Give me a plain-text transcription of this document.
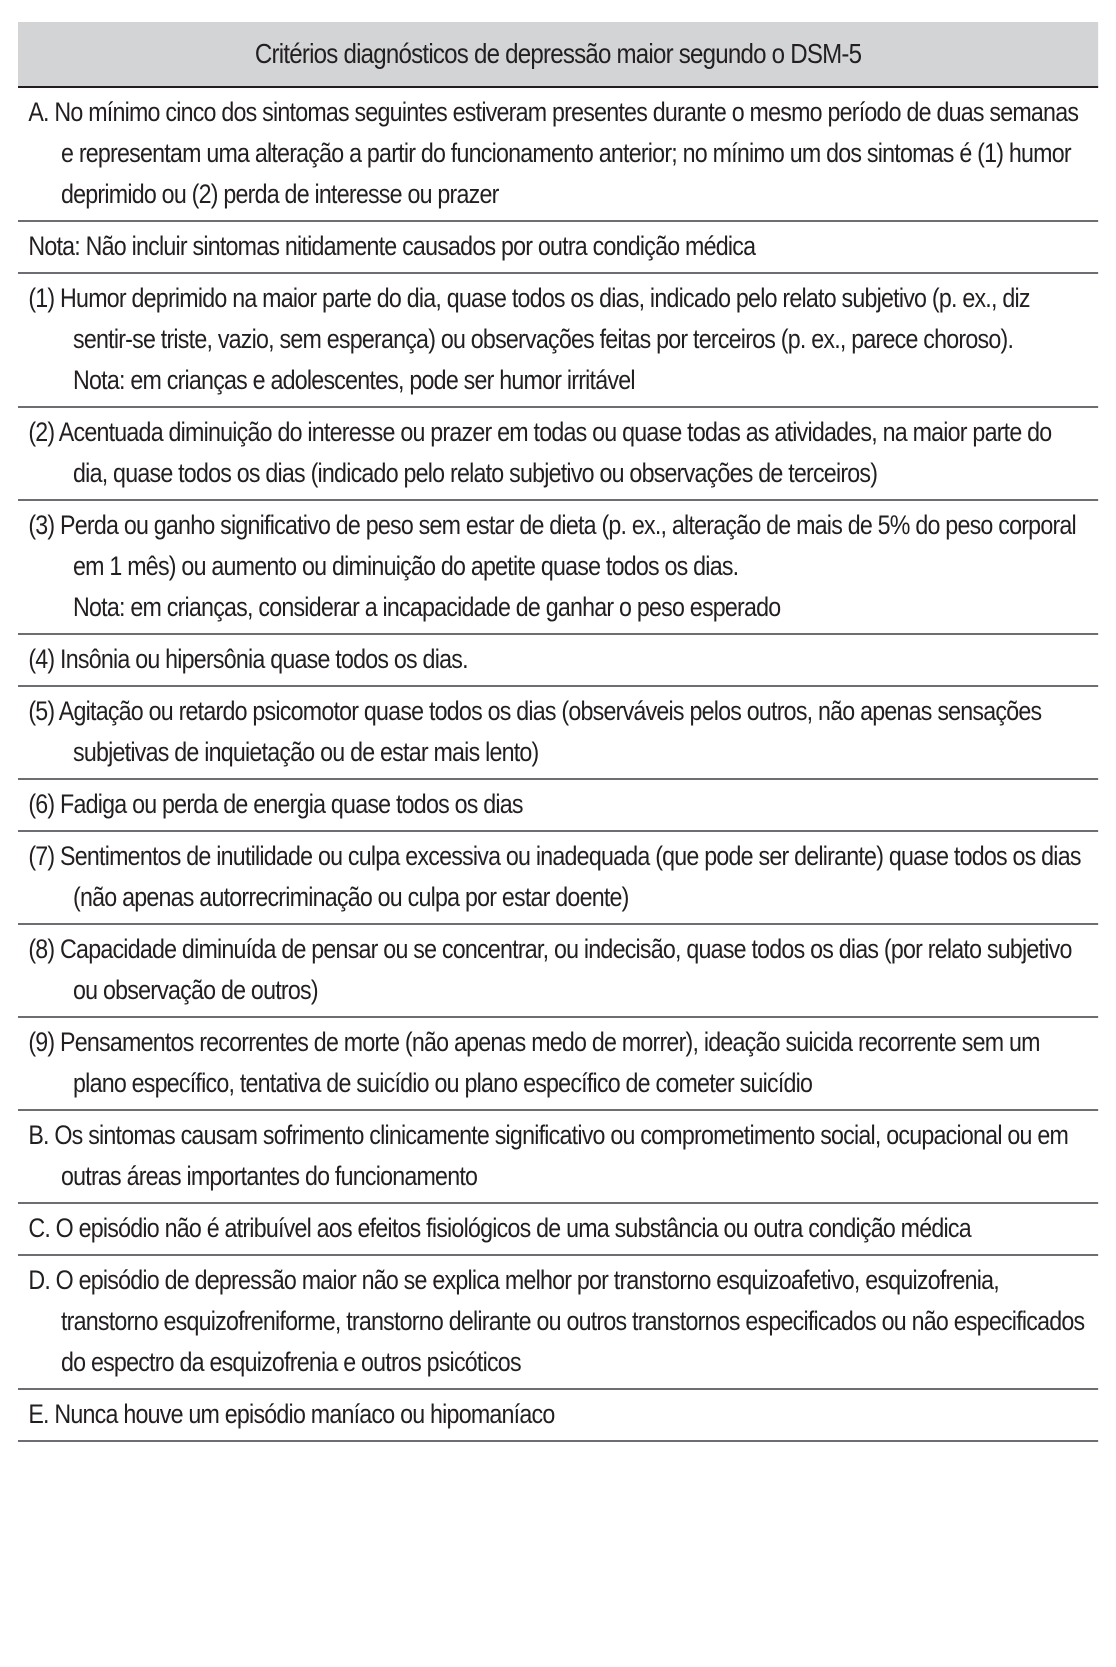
Critérios diagnósticos de depressão maior segundo o DSM-5
A. No mínimo cinco dos sintomas seguintes estiveram presentes durante o mesmo período de duas semanas e representam uma alteração a partir do funcionamento anterior; no mínimo um dos sintomas é (1) humor deprimido ou (2) perda de interesse ou prazer
Nota: Não incluir sintomas nitidamente causados por outra condição médica
(1) Humor deprimido na maior parte do dia, quase todos os dias, indicado pelo relato subjetivo (p. ex., diz sentir-se triste, vazio, sem esperança) ou observações feitas por terceiros (p. ex., parece choroso).
Nota: em crianças e adolescentes, pode ser humor irritável
(2) Acentuada diminuição do interesse ou prazer em todas ou quase todas as atividades, na maior parte do dia, quase todos os dias (indicado pelo relato subjetivo ou observações de terceiros)
(3) Perda ou ganho significativo de peso sem estar de dieta (p. ex., alteração de mais de 5% do peso corporal em 1 mês) ou aumento ou diminuição do apetite quase todos os dias.
Nota: em crianças, considerar a incapacidade de ganhar o peso esperado
(4) Insônia ou hipersônia quase todos os dias.
(5) Agitação ou retardo psicomotor quase todos os dias (observáveis pelos outros, não apenas sensações subjetivas de inquietação ou de estar mais lento)
(6) Fadiga ou perda de energia quase todos os dias
(7) Sentimentos de inutilidade ou culpa excessiva ou inadequada (que pode ser delirante) quase todos os dias (não apenas autorrecriminação ou culpa por estar doente)
(8) Capacidade diminuída de pensar ou se concentrar, ou indecisão, quase todos os dias (por relato subjetivo ou observação de outros)
(9) Pensamentos recorrentes de morte (não apenas medo de morrer), ideação suicida recorrente sem um plano específico, tentativa de suicídio ou plano específico de cometer suicídio
B. Os sintomas causam sofrimento clinicamente significativo ou comprometimento social, ocupacional ou em outras áreas importantes do funcionamento
C. O episódio não é atribuível aos efeitos fisiológicos de uma substância ou outra condição médica
D. O episódio de depressão maior não se explica melhor por transtorno esquizoafetivo, esquizofrenia, transtorno esquizofreniforme, transtorno delirante ou outros transtornos especificados ou não especificados do espectro da esquizofrenia e outros psicóticos
E. Nunca houve um episódio maníaco ou hipomaníaco
